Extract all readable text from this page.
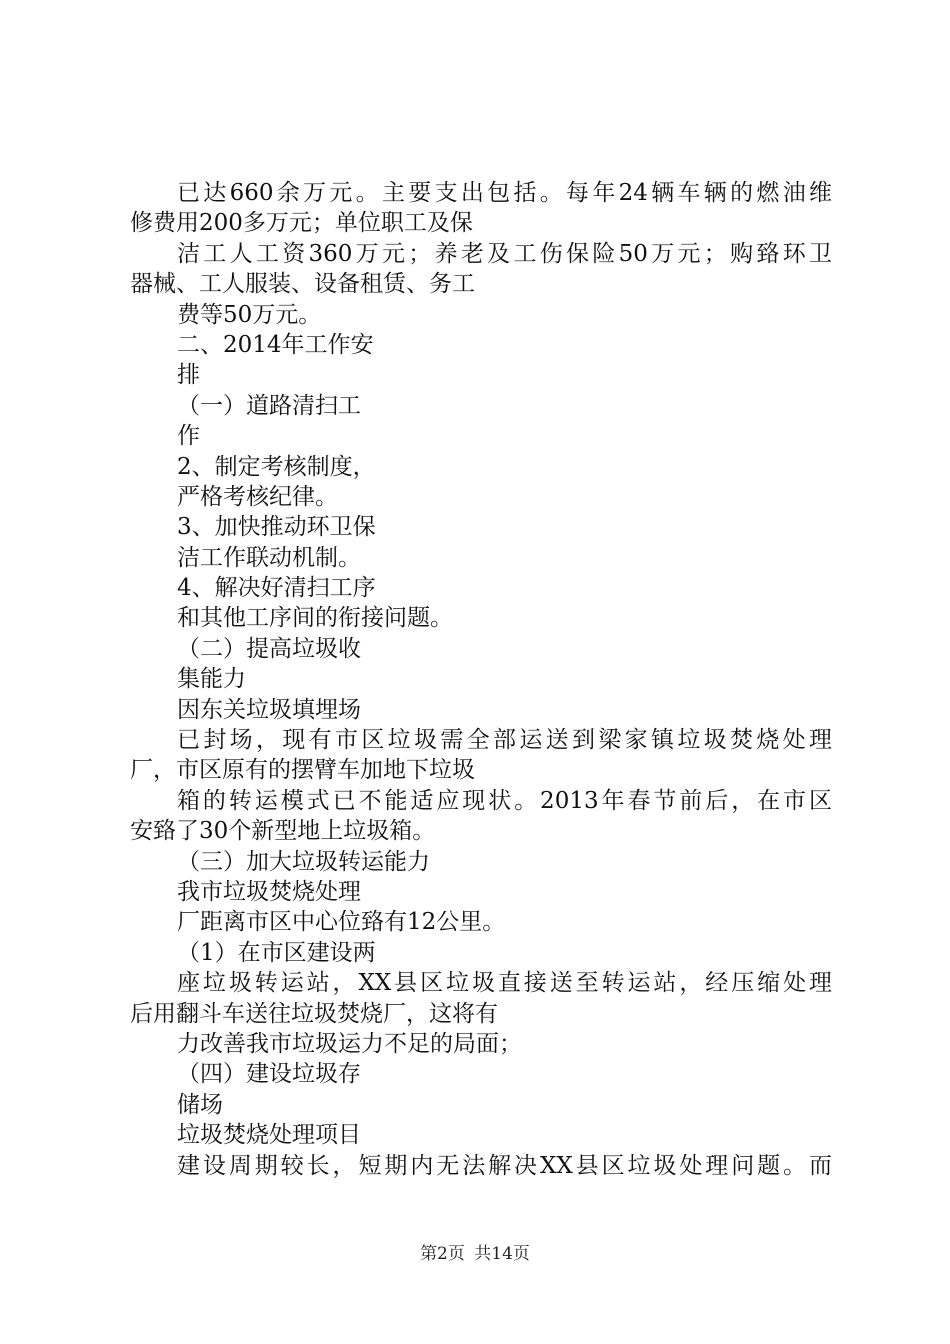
已达660余万元。主要支出包括。每年24辆车辆的燃油维
修费用200多万元；单位职工及保
洁工人工资360万元；养老及工伤保险50万元；购臵环卫
器械、工人服装、设备租赁、务工
费等50万元。
二、2014年工作安
排
（一）道路清扫工
作
2、制定考核制度，
严格考核纪律。
3、加快推动环卫保
洁工作联动机制。
4、解决好清扫工序
和其他工序间的衔接问题。
（二）提高垃圾收
集能力
因东关垃圾填埋场
已封场，现有市区垃圾需全部运送到梁家镇垃圾焚烧处理
厂，市区原有的摆臂车加地下垃圾
箱的转运模式已不能适应现状。2013年春节前后，在市区
安臵了30个新型地上垃圾箱。
（三）加大垃圾转运能力
我市垃圾焚烧处理
厂距离市区中心位臵有12公里。
（1）在市区建设两
座垃圾转运站，XX县区垃圾直接送至转运站，经压缩处理
后用翻斗车送往垃圾焚烧厂，这将有
力改善我市垃圾运力不足的局面；
（四）建设垃圾存
储场
垃圾焚烧处理项目
建设周期较长，短期内无法解决XX县区垃圾处理问题。而
第2页 共14页
